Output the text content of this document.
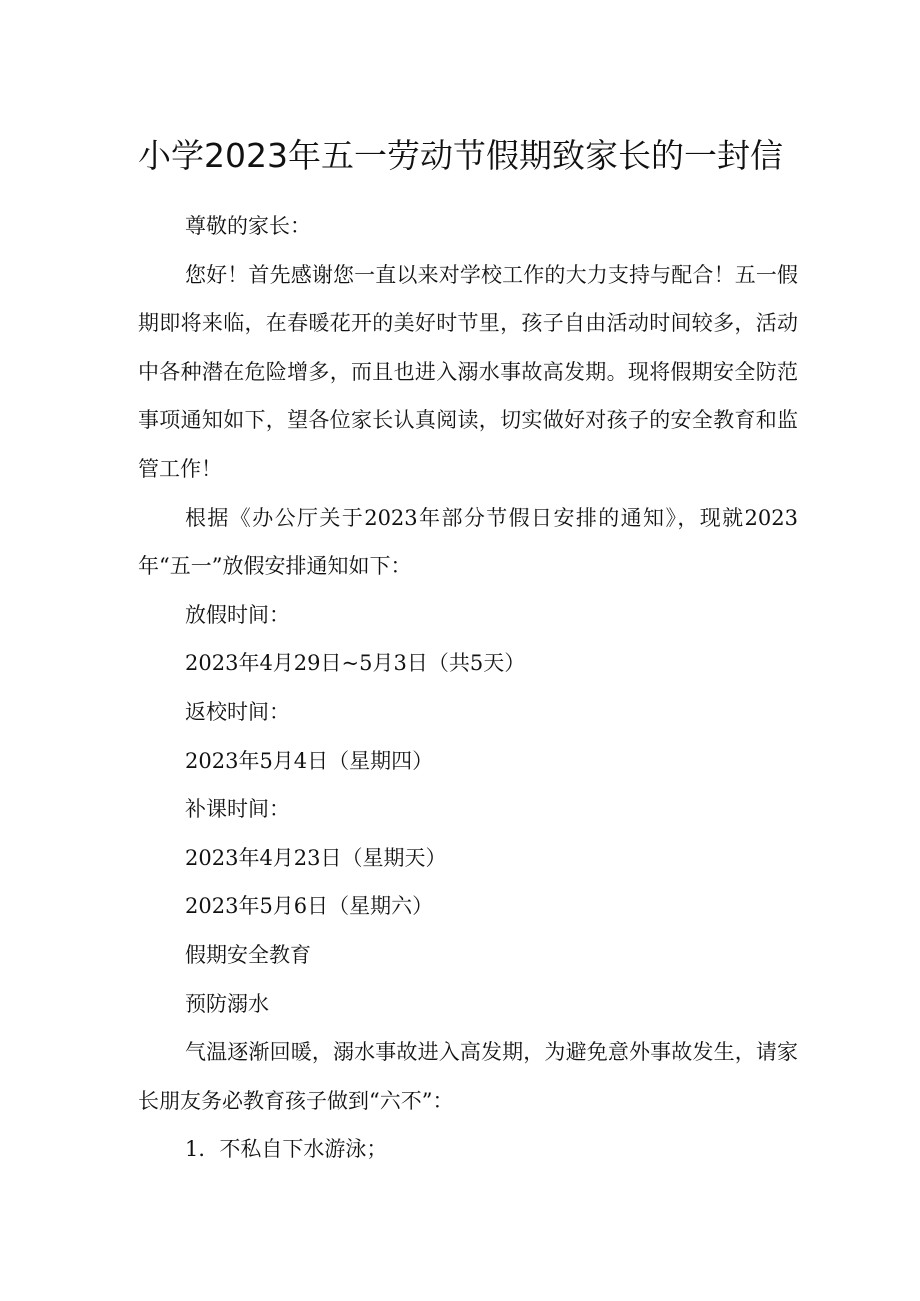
小学2023年五一劳动节假期致家长的一封信

尊敬的家长：

您好！首先感谢您一直以来对学校工作的大力支持与配合！五一假期即将来临，在春暖花开的美好时节里，孩子自由活动时间较多，活动中各种潜在危险增多，而且也进入溺水事故高发期。现将假期安全防范事项通知如下，望各位家长认真阅读，切实做好对孩子的安全教育和监管工作！

根据《办公厅关于2023年部分节假日安排的通知》，现就2023年“五一”放假安排通知如下：

放假时间：

2023年4月29日~5月3日（共5天）

返校时间：

2023年5月4日（星期四）

补课时间：

2023年4月23日（星期天）

2023年5月6日（星期六）

假期安全教育

预防溺水

气温逐渐回暖，溺水事故进入高发期，为避免意外事故发生，请家长朋友务必教育孩子做到“六不”：

1．不私自下水游泳；
